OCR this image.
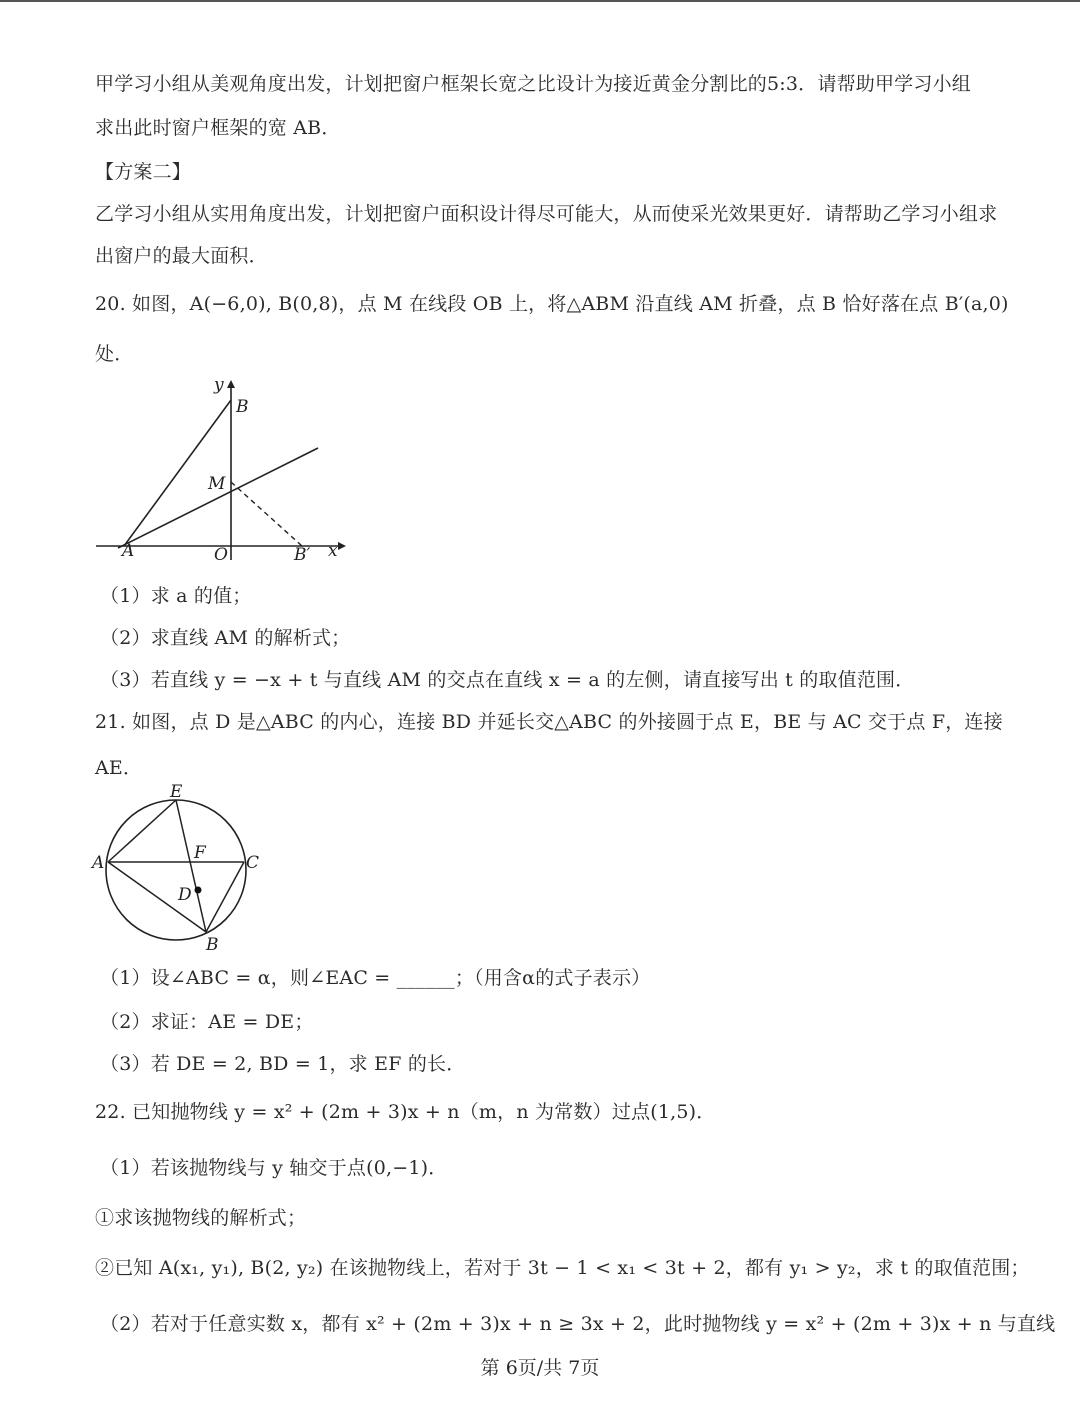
甲学习小组从美观角度出发，计划把窗户框架长宽之比设计为接近黄金分割比的5:3．请帮助甲学习小组
求出此时窗户框架的宽 AB．
【方案二】
乙学习小组从实用角度出发，计划把窗户面积设计得尽可能大，从而使采光效果更好．请帮助乙学习小组求
出窗户的最大面积．
20. 如图，A(−6,0), B(0,8)，点 M 在线段 OB 上，将△ABM 沿直线 AM 折叠，点 B 恰好落在点 B′(a,0)
处．
y
B
M
A	O	B′ x
（1）求 a 的值；
（2）求直线 AM 的解析式；
（3）若直线 y = −x + t 与直线 AM 的交点在直线 x = a 的左侧，请直接写出 t 的取值范围．
21. 如图，点 D 是△ABC 的内心，连接 BD 并延长交△ABC 的外接圆于点 E，BE 与 AC 交于点 F，连接
AE．
E
A	F C
D
B
（1）设∠ABC = α，则∠EAC = ______；（用含α的式子表示）
（2）求证：AE = DE；
（3）若 DE = 2, BD = 1，求 EF 的长．
22. 已知抛物线 y = x² + (2m + 3)x + n（m，n 为常数）过点(1,5)．
（1）若该抛物线与 y 轴交于点(0,−1)．
①求该抛物线的解析式；
②已知 A(x₁, y₁), B(2, y₂) 在该抛物线上，若对于 3t − 1 < x₁ < 3t + 2，都有 y₁ > y₂，求 t 的取值范围；
（2）若对于任意实数 x，都有 x² + (2m + 3)x + n ≥ 3x + 2，此时抛物线 y = x² + (2m + 3)x + n 与直线
第 6页/共 7页
